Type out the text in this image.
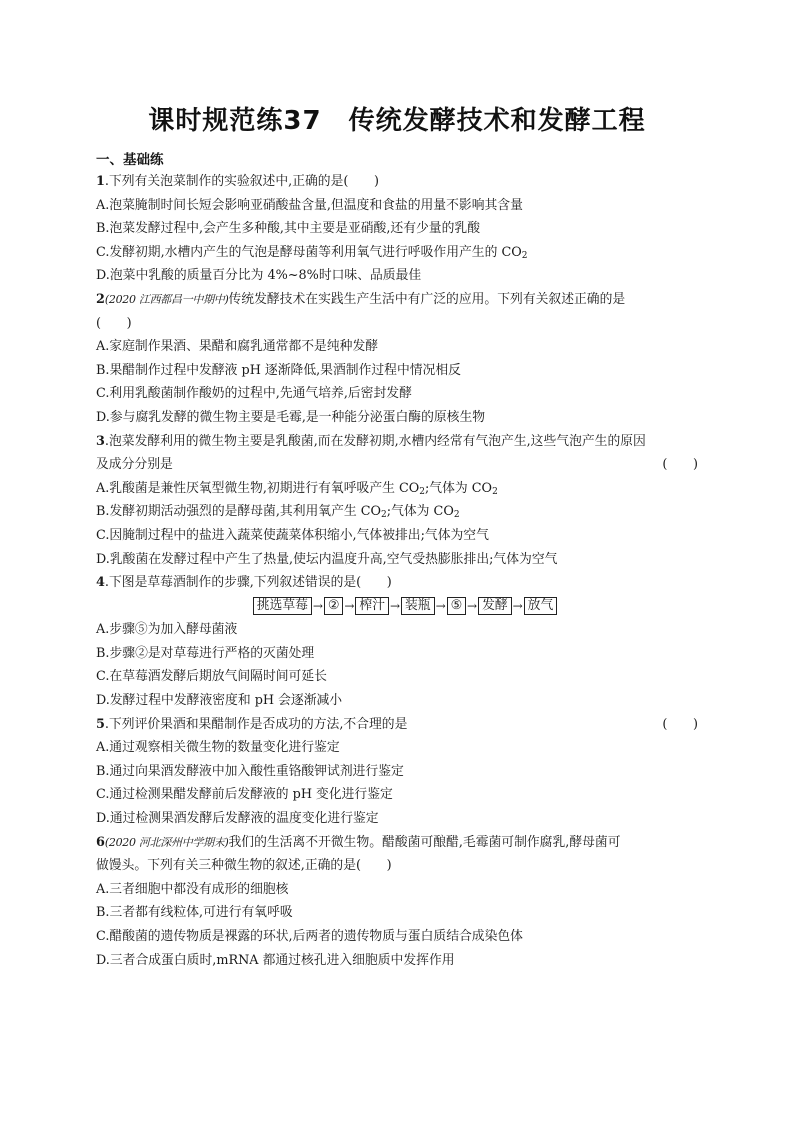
课时规范练37　传统发酵技术和发酵工程
一、基础练
1.下列有关泡菜制作的实验叙述中,正确的是(　　)
A.泡菜腌制时间长短会影响亚硝酸盐含量,但温度和食盐的用量不影响其含量
B.泡菜发酵过程中,会产生多种酸,其中主要是亚硝酸,还有少量的乳酸
C.发酵初期,水槽内产生的气泡是酵母菌等利用氧气进行呼吸作用产生的 $CO_2$
D.泡菜中乳酸的质量百分比为 4%~8%时口味、品质最佳
2(2020 江西都昌一中期中)传统发酵技术在实践生产生活中有广泛的应用。下列有关叙述正确的是
(　　)
A.家庭制作果酒、果醋和腐乳通常都不是纯种发酵
B.果醋制作过程中发酵液 pH 逐渐降低,果酒制作过程中情况相反
C.利用乳酸菌制作酸奶的过程中,先通气培养,后密封发酵
D.参与腐乳发酵的微生物主要是毛霉,是一种能分泌蛋白酶的原核生物
3.泡菜发酵利用的微生物主要是乳酸菌,而在发酵初期,水槽内经常有气泡产生,这些气泡产生的原因
及成分分别是	(　　)
A.乳酸菌是兼性厌氧型微生物,初期进行有氧呼吸产生 $CO_2$;气体为 $CO_2$
B.发酵初期活动强烈的是酵母菌,其利用氧产生 $CO_2$;气体为 $CO_2$
C.因腌制过程中的盐进入蔬菜使蔬菜体积缩小,气体被排出;气体为空气
D.乳酸菌在发酵过程中产生了热量,使坛内温度升高,空气受热膨胀排出;气体为空气
4.下图是草莓酒制作的步骤,下列叙述错误的是(　　)
挑选草莓 → ② → 榨汁 → 装瓶 → ⑤ → 发酵 → 放气
A.步骤⑤为加入酵母菌液
B.步骤②是对草莓进行严格的灭菌处理
C.在草莓酒发酵后期放气间隔时间可延长
D.发酵过程中发酵液密度和 pH 会逐渐减小
5.下列评价果酒和果醋制作是否成功的方法,不合理的是	(　　)
A.通过观察相关微生物的数量变化进行鉴定
B.通过向果酒发酵液中加入酸性重铬酸钾试剂进行鉴定
C.通过检测果醋发酵前后发酵液的 pH 变化进行鉴定
D.通过检测果酒发酵后发酵液的温度变化进行鉴定
6(2020 河北深州中学期末)我们的生活离不开微生物。醋酸菌可酿醋,毛霉菌可制作腐乳,酵母菌可
做馒头。下列有关三种微生物的叙述,正确的是(　　)
A.三者细胞中都没有成形的细胞核
B.三者都有线粒体,可进行有氧呼吸
C.醋酸菌的遗传物质是裸露的环状,后两者的遗传物质与蛋白质结合成染色体
D.三者合成蛋白质时,mRNA 都通过核孔进入细胞质中发挥作用
